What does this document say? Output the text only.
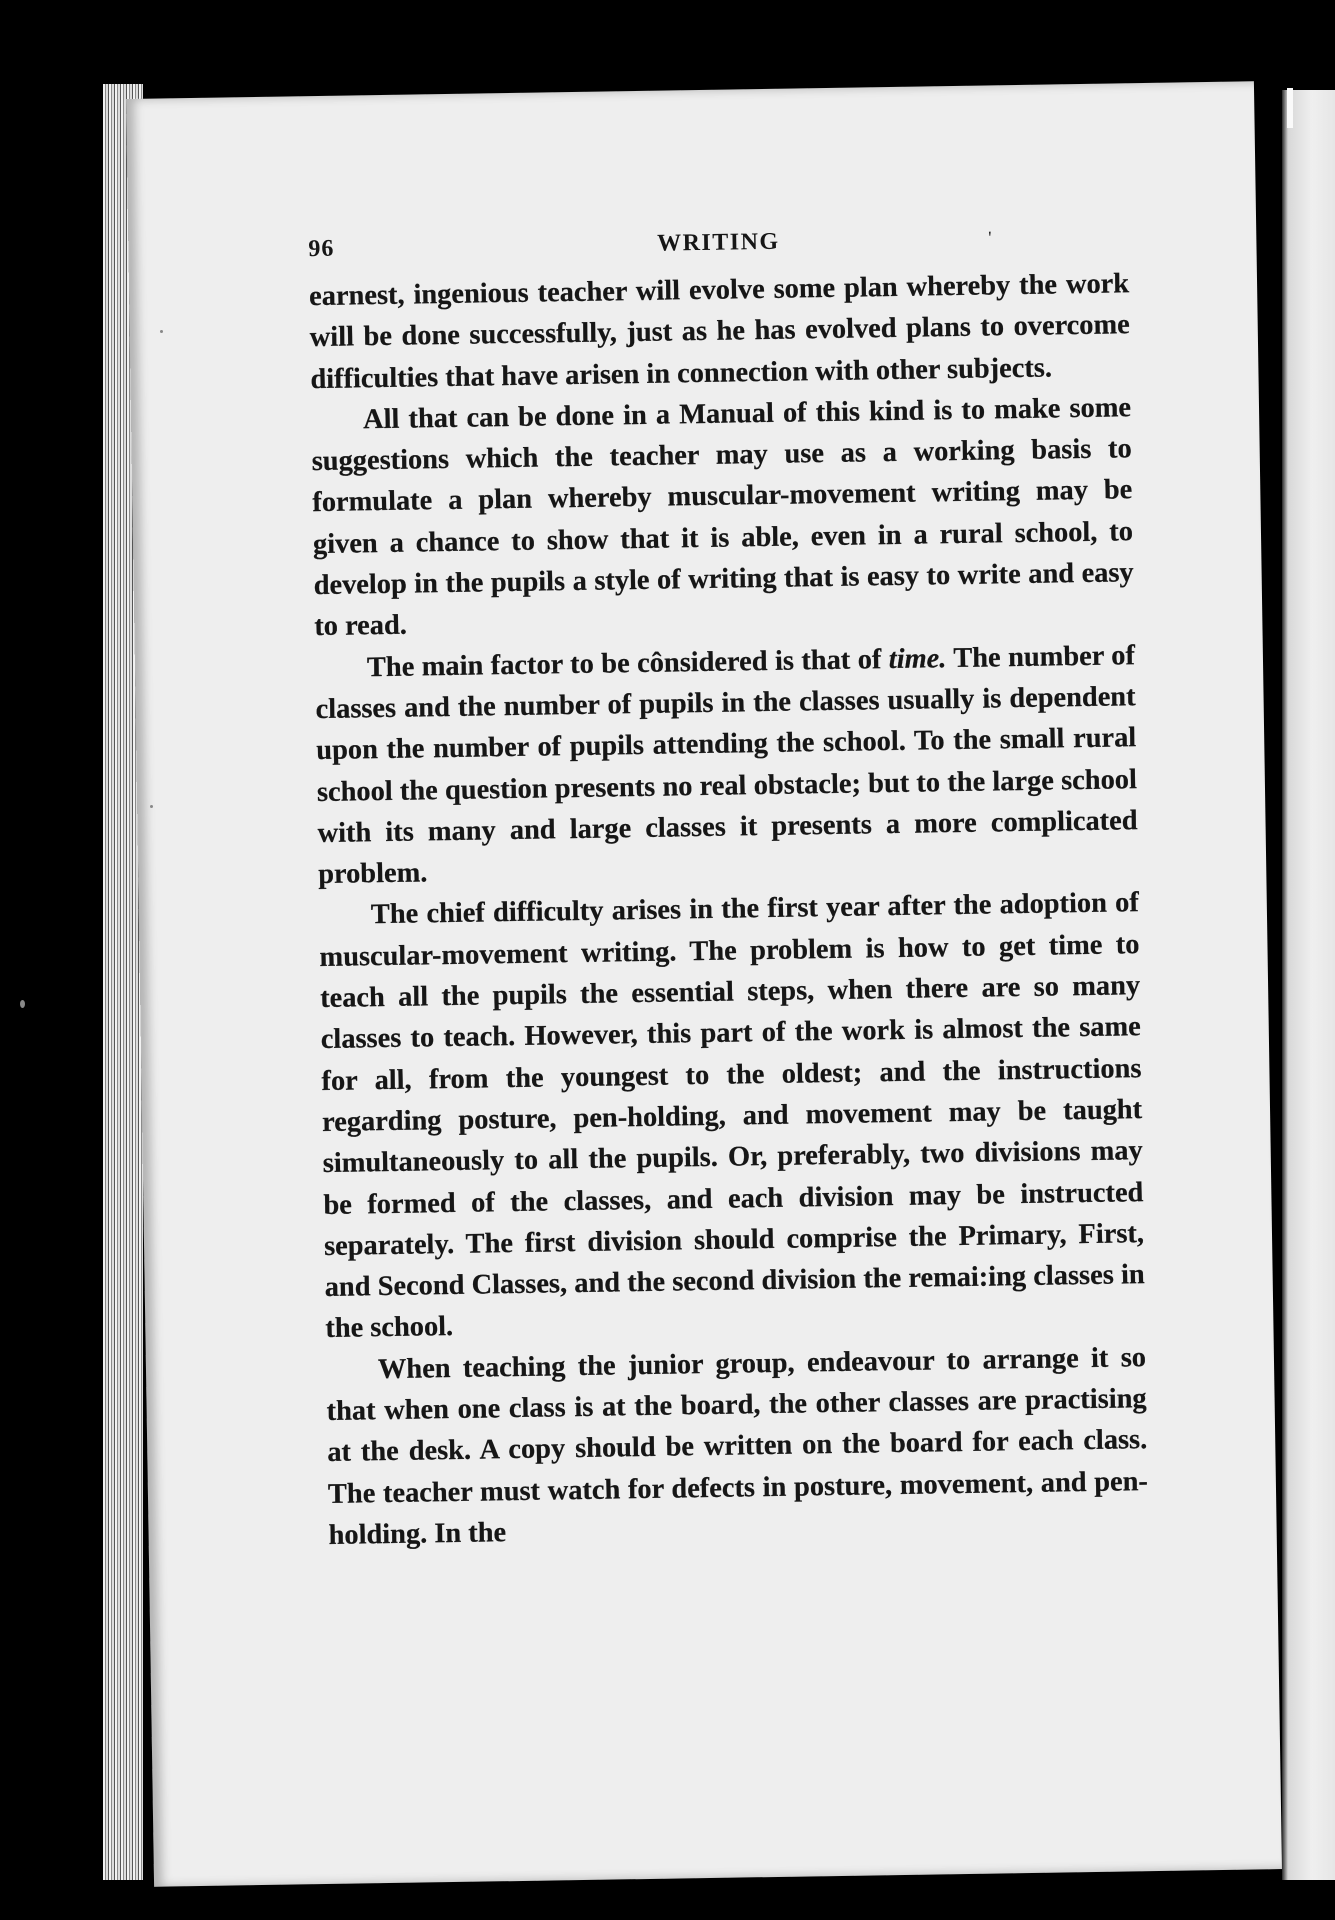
96	WRITING	'

earnest, ingenious teacher will evolve some plan whereby the work will be done successfully, just as he has evolved plans to overcome difficulties that have arisen in connection with other subjects.

All that can be done in a Manual of this kind is to make some suggestions which the teacher may use as a working basis to formulate a plan whereby muscular-movement writing may be given a chance to show that it is able, even in a rural school, to develop in the pupils a style of writing that is easy to write and easy to read.

The main factor to be cônsidered is that of time. The number of classes and the number of pupils in the classes usually is dependent upon the number of pupils attending the school. To the small rural school the question presents no real obstacle; but to the large school with its many and large classes it presents a more complicated problem.

The chief difficulty arises in the first year after the adoption of muscular-movement writing. The problem is how to get time to teach all the pupils the essential steps, when there are so many classes to teach. However, this part of the work is almost the same for all, from the youngest to the oldest; and the instructions regarding posture, pen-holding, and movement may be taught simultaneously to all the pupils. Or, preferably, two divisions may be formed of the classes, and each division may be instructed separately. The first division should comprise the Primary, First, and Second Classes, and the second division the remai:ing classes in the school.

When teaching the junior group, endeavour to arrange it so that when one class is at the board, the other classes are practising at the desk. A copy should be written on the board for each class. The teacher must watch for defects in posture, movement, and pen-holding. In the
